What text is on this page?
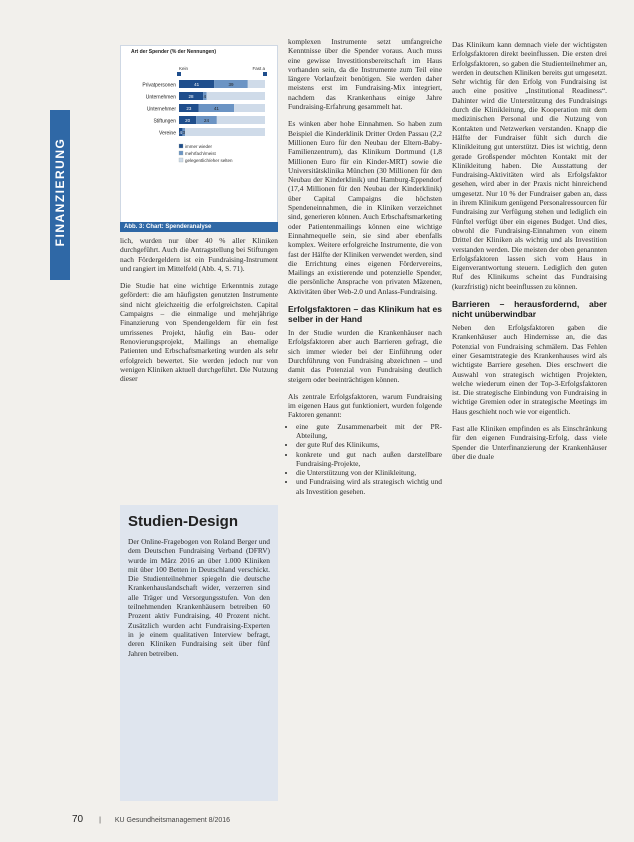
FINANZIERUNG
Art der Spender (% der Nennungen)
Kein	Fast a
Privatpersonen	41	39
Unternehmen	28 4
Unternehmer 23	41
Stiftungen 20	24
Vereine 4 3
immer wieder
mehrfach/meist
gelegentlich/eher selten
Abb. 3: Chart: Spenderanalyse

lich, wurden nur über 40 % aller Kliniken durchgeführt. Auch die Antragstellung bei Stiftungen nach Fördergeldern ist ein Fundraising-Instrument und rangiert im Mittelfeld (Abb. 4, S. 71).

Die Studie hat eine wichtige Erkenntnis zutage gefördert: die am häufigsten genutzten Instrumente sind nicht gleichzeitig die erfolgreichsten. Capital Campaigns – die einmalige und mehrjährige Finanzierung von Spendengeldern für ein fest umrissenes Projekt, häufig ein Bau- oder Renovierungsprojekt, Mailings an ehemalige Patienten und Erbschaftsmarketing wurden als sehr erfolgreich bewertet. Sie werden jedoch nur von wenigen Kliniken aktuell durchgeführt. Die Nutzung dieser

Studien-Design
Der Online-Fragebogen von Roland Berger und dem Deutschen Fundraising Verband (DFRV) wurde im März 2016 an über 1.000 Kliniken mit über 100 Betten in Deutschland verschickt. Die Studienteilnehmer spiegeln die deutsche Krankenhauslandschaft wider, verzerren sind alle Träger und Versorgungsstufen. Von den teilnehmenden Krankenhäusern betreiben 60 Prozent aktiv Fundraising, 40 Prozent nicht. Zusätzlich wurden acht Fundraising-Experten in je einem qualitativen Interview befragt, deren Kliniken Fundraising seit über fünf Jahren betreiben.

komplexen Instrumente setzt umfangreiche Kenntnisse über die Spender voraus. Auch muss eine gewisse Investitionsbereitschaft im Haus vorhanden sein, da die Instrumente zum Teil eine längere Vorlaufzeit benötigen. Sie werden daher meistens erst im Fundraising-Mix integriert, nachdem das Krankenhaus einige Jahre Fundraising-Erfahrung gesammelt hat.

Es winken aber hohe Einnahmen. So haben zum Beispiel die Kinderklinik Dritter Orden Passau (2,2 Millionen Euro für den Neubau der Eltern-Baby-Familienzentrum), das Klinikum Dortmund (1,8 Millionen Euro für ein Kinder-MRT) sowie die Universitätsklinika München (30 Millionen für den Neubau der Kinderklinik) und Hamburg-Eppendorf (17,4 Millionen für den Neubau der Kinderklinik) über Capital Campaigns die höchsten Spendeneinnahmen, die in Kliniken verzeichnet sind, generieren können. Auch Erbschaftsmarketing oder Patientenmailings können eine wichtige Einnahmequelle sein, sie sind aber ebenfalls komplex. Weitere erfolgreiche Instrumente, die von fast der Hälfte der Kliniken verwendet werden, sind die Errichtung eines eigenen Fördervereins, Mailings an existierende und potenzielle Spender, die persönliche Ansprache von privaten Mäzenen, Aktivitäten über Web-2.0 und Anlass-Fundraising.

Erfolgsfaktoren – das Klinikum hat es selber in der Hand

In der Studie wurden die Krankenhäuser nach Erfolgsfaktoren aber auch Barrieren gefragt, die sich immer wieder bei der Einführung oder Durchführung von Fundraising abzeichnen – und damit das Potenzial von Fundraising deutlich steigern oder beeinträchtigen können.

Als zentrale Erfolgsfaktoren, warum Fundraising im eigenen Haus gut funktioniert, wurden folgende Faktoren genannt:

• eine gute Zusammenarbeit mit der PR-Abteilung,
• der gute Ruf des Klinikums,
• konkrete und gut nach außen darstellbare Fundraising-Projekte,
• die Unterstützung von der Klinikleitung,
• und Fundraising wird als strategisch wichtig und als Investition gesehen.

Das Klinikum kann demnach viele der wichtigsten Erfolgsfaktoren direkt beeinflussen. Die ersten drei Erfolgsfaktoren, so gaben die Studienteilnehmer an, werden in deutschen Kliniken bereits gut umgesetzt. Sehr wichtig für den Erfolg von Fundraising ist auch eine positive „Institutional Readiness“. Dahinter wird die Unterstützung des Fundraisings durch die Klinikleitung, die Kooperation mit dem medizinischen Personal und die Nutzung von Kontakten und Netzwerken verstanden. Knapp die Hälfte der Fundraiser fühlt sich durch die Klinikleitung gut unterstützt. Dies ist wichtig, denn gerade Großspender möchten Kontakt mit der Klinikleitung haben. Die Ausstattung der Fundraising-Aktivitäten wird als Erfolgsfaktor gesehen, wird aber in der Praxis nicht hinreichend umgesetzt. Nur 10 % der Fundraiser gaben an, dass in ihrem Klinikum genügend Personalressourcen für Fundraising zur Verfügung stehen und lediglich ein Fünftel verfügt über ein eigenes Budget. Und dies, obwohl die Fundraising-Einnahmen von einem Drittel der Kliniken als wichtig und als Investition verstanden werden. Die meisten der oben genannten Erfolgsfaktoren lassen sich vom Haus in Eigenverantwortung steuern. Lediglich den guten Ruf des Klinikums scheint das Fundraising (kurzfristig) nicht beeinflussen zu können.

Barrieren – herausfordernd, aber nicht unüberwindbar

Neben den Erfolgsfaktoren gaben die Krankenhäuser auch Hindernisse an, die das Potenzial von Fundraising schmälern. Das Fehlen einer Gesamtstrategie des Krankenhauses wird als wichtigste Barriere gesehen. Dies erschwert die Auswahl von strategisch wichtigen Projekten, welche wiederum einen der Top-3-Erfolgsfaktoren ist. Die strategische Einbindung von Fundraising in wichtige Gremien oder in strategische Meetings im Haus geschieht noch wie vor eigentlich.

Fast alle Kliniken empfinden es als Einschränkung für den eigenen Fundraising-Erfolg, dass viele Spender die Unterfinanzierung der Krankenhäuser über die duale

70 | KU Gesundheitsmanagement 8/2016
